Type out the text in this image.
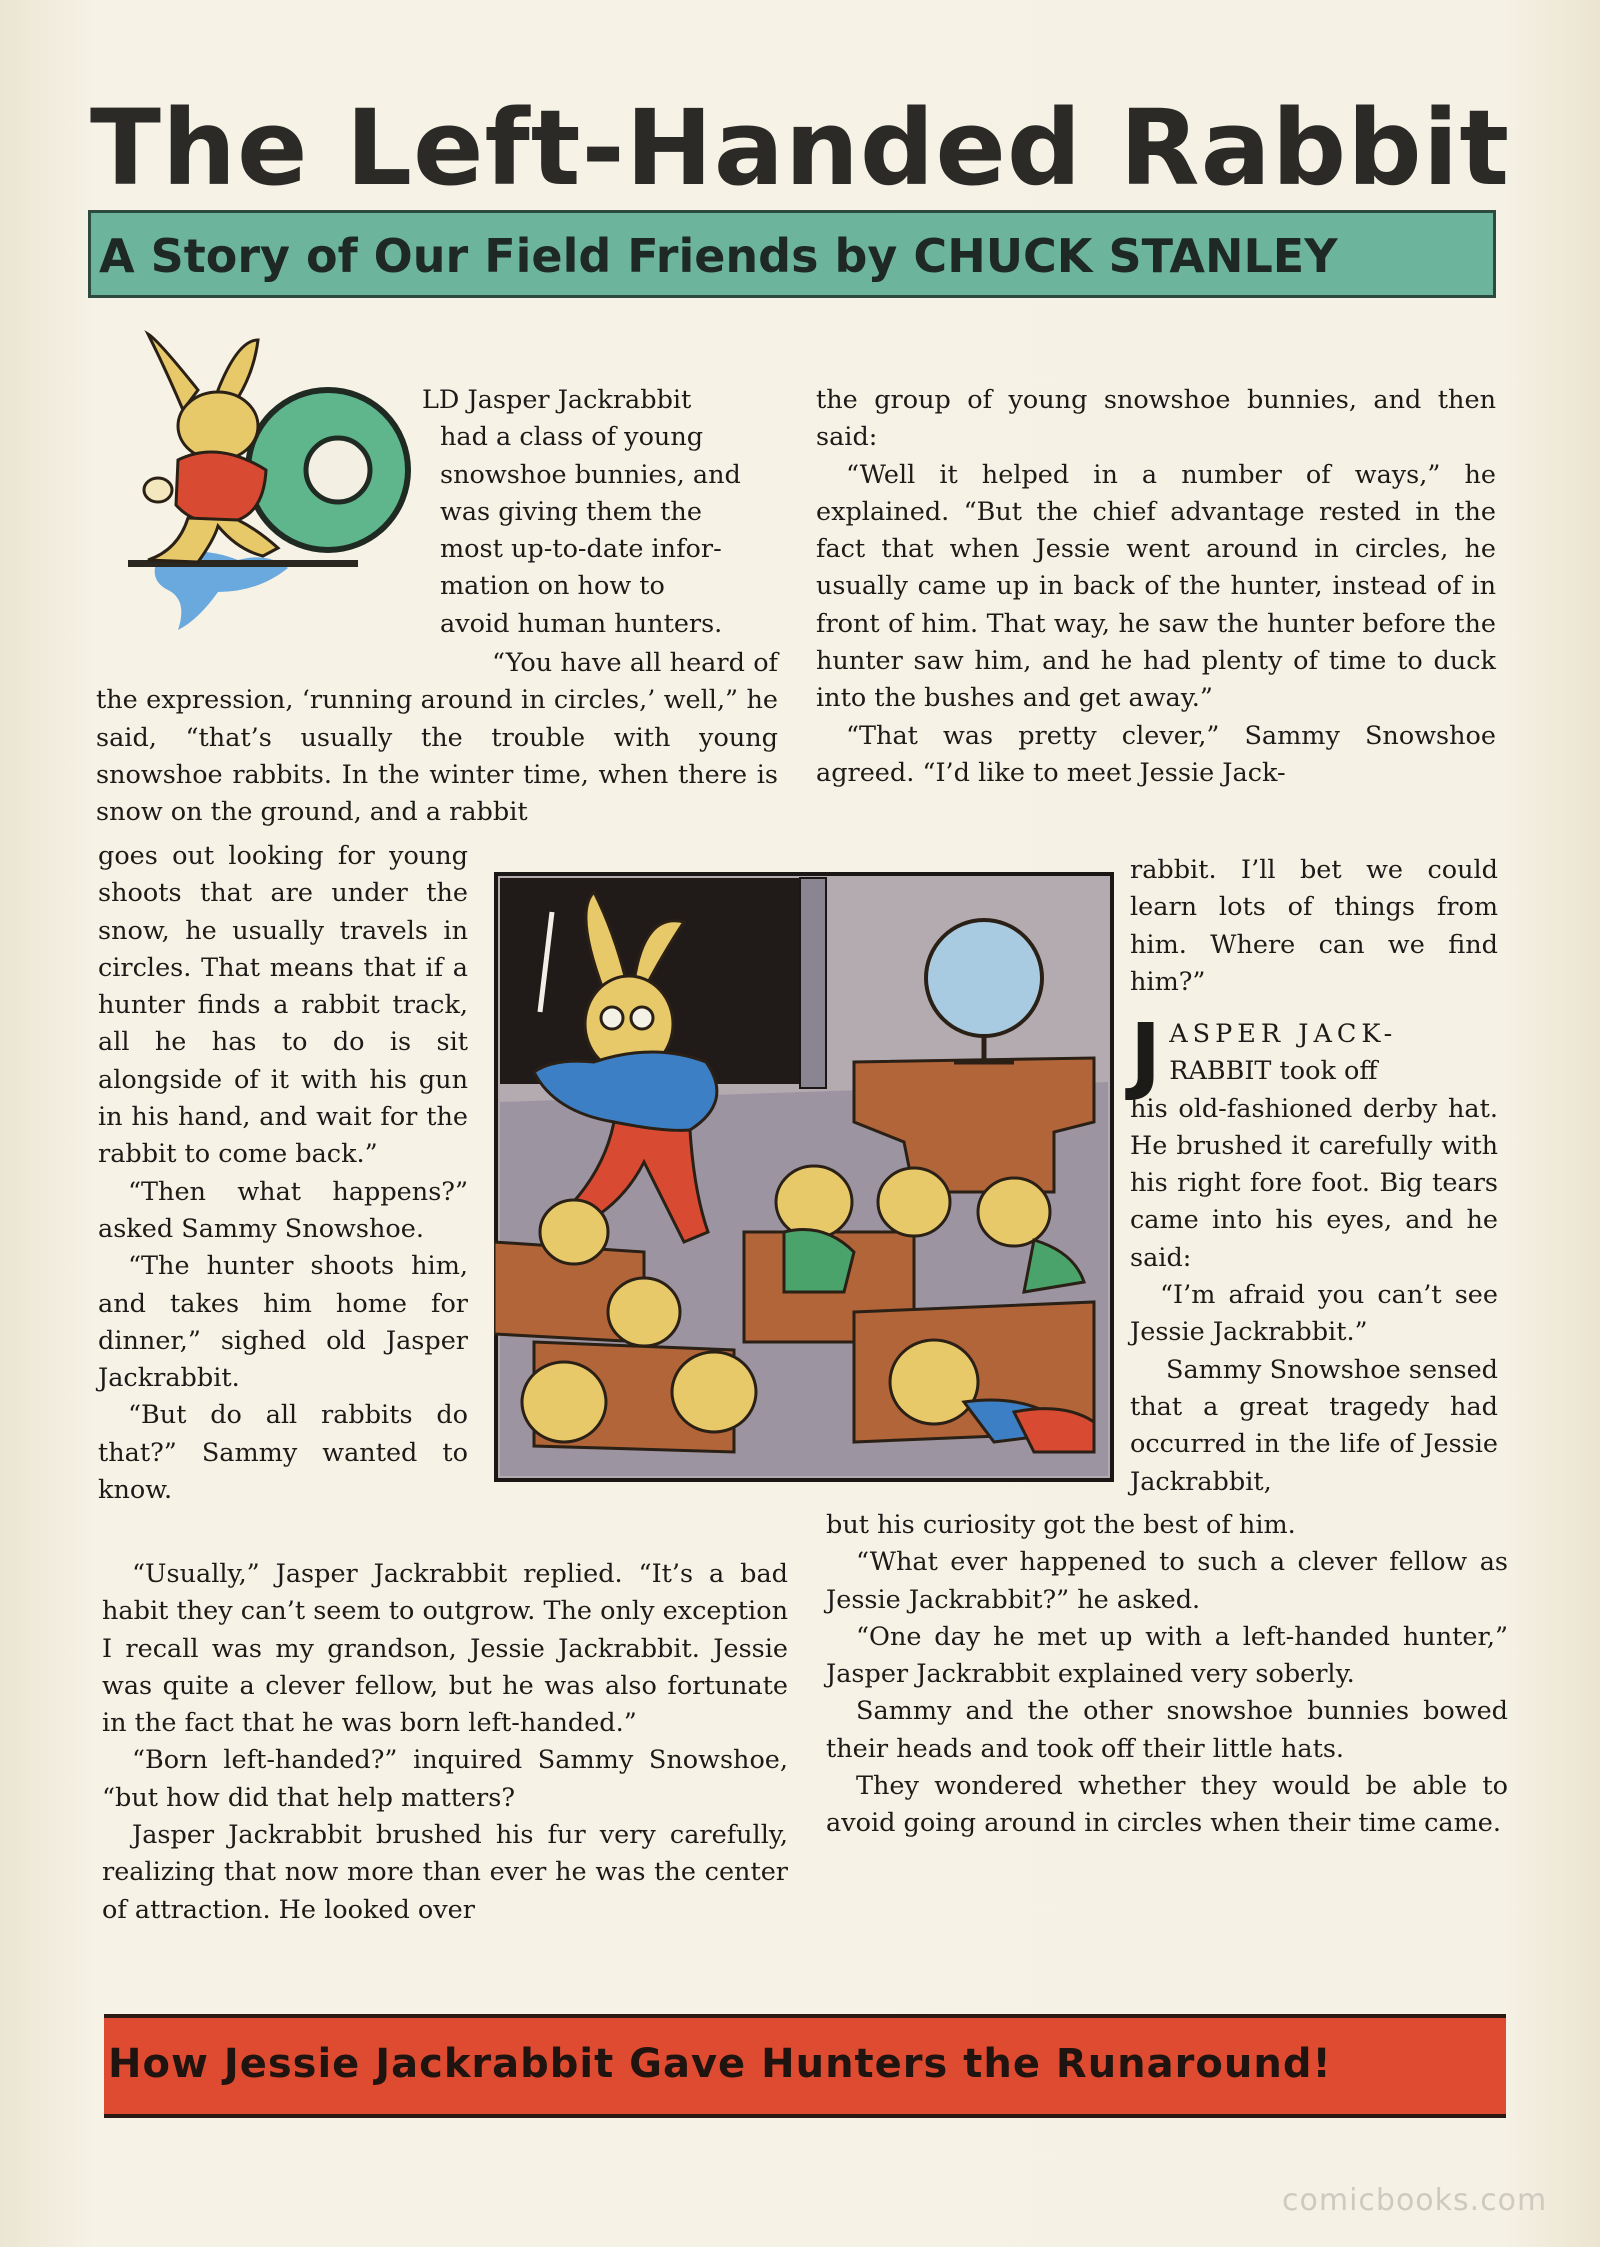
The Left-Handed Rabbit
A Story of Our Field Friends by CHUCK STANLEY

LD Jasper Jackrabbit

had a class of young

snowshoe bunnies, and

was giving them the

most up-to-date infor-

mation on how to

avoid human hunters.

“You have all heard of the expression, ‘running around in circles,’ well,” he said, “that’s usually the trouble with young snowshoe rabbits. In the winter time, when there is snow on the ground, and a rabbit

goes out looking for young shoots that are under the snow, he usually travels in circles. That means that if a hunter finds a rabbit track, all he has to do is sit alongside of it with his gun in his hand, and wait for the rabbit to come back.”

“Then what happens?” asked Sammy Snowshoe.

“The hunter shoots him, and takes him home for dinner,” sighed old Jasper Jackrabbit.

“But do all rabbits do that?” Sammy wanted to know.

“Usually,” Jasper Jackrabbit replied. “It’s a bad habit they can’t seem to outgrow. The only exception I recall was my grandson, Jessie Jackrabbit. Jessie was quite a clever fellow, but he was also fortunate in the fact that he was born left-handed.”

“Born left-handed?” inquired Sammy Snowshoe, “but how did that help matters?

Jasper Jackrabbit brushed his fur very carefully, realizing that now more than ever he was the center of attraction. He looked over

the group of young snowshoe bunnies, and then said:

“Well it helped in a number of ways,” he explained. “But the chief advantage rested in the fact that when Jessie went around in circles, he usually came up in back of the hunter, instead of in front of him. That way, he saw the hunter before the hunter saw him, and he had plenty of time to duck into the bushes and get away.”

“That was pretty clever,” Sammy Snowshoe agreed. “I’d like to meet Jessie Jack-

rabbit. I’ll bet we could learn lots of things from him. Where can we find him?”

J ASPER JACK-

RABBIT took off

his old-fashioned derby hat. He brushed it carefully with his right fore foot. Big tears came into his eyes, and he said:

“I’m afraid you can’t see Jessie Jackrabbit.”

Sammy Snowshoe sensed that a great tragedy had occurred in the life of Jessie Jackrabbit,

but his curiosity got the best of him.

“What ever happened to such a clever fellow as Jessie Jackrabbit?” he asked.

“One day he met up with a left-handed hunter,” Jasper Jackrabbit explained very soberly.

Sammy and the other snowshoe bunnies bowed their heads and took off their little hats.

They wondered whether they would be able to avoid going around in circles when their time came.

How Jessie Jackrabbit Gave Hunters the Runaround!
comicbooks.com
